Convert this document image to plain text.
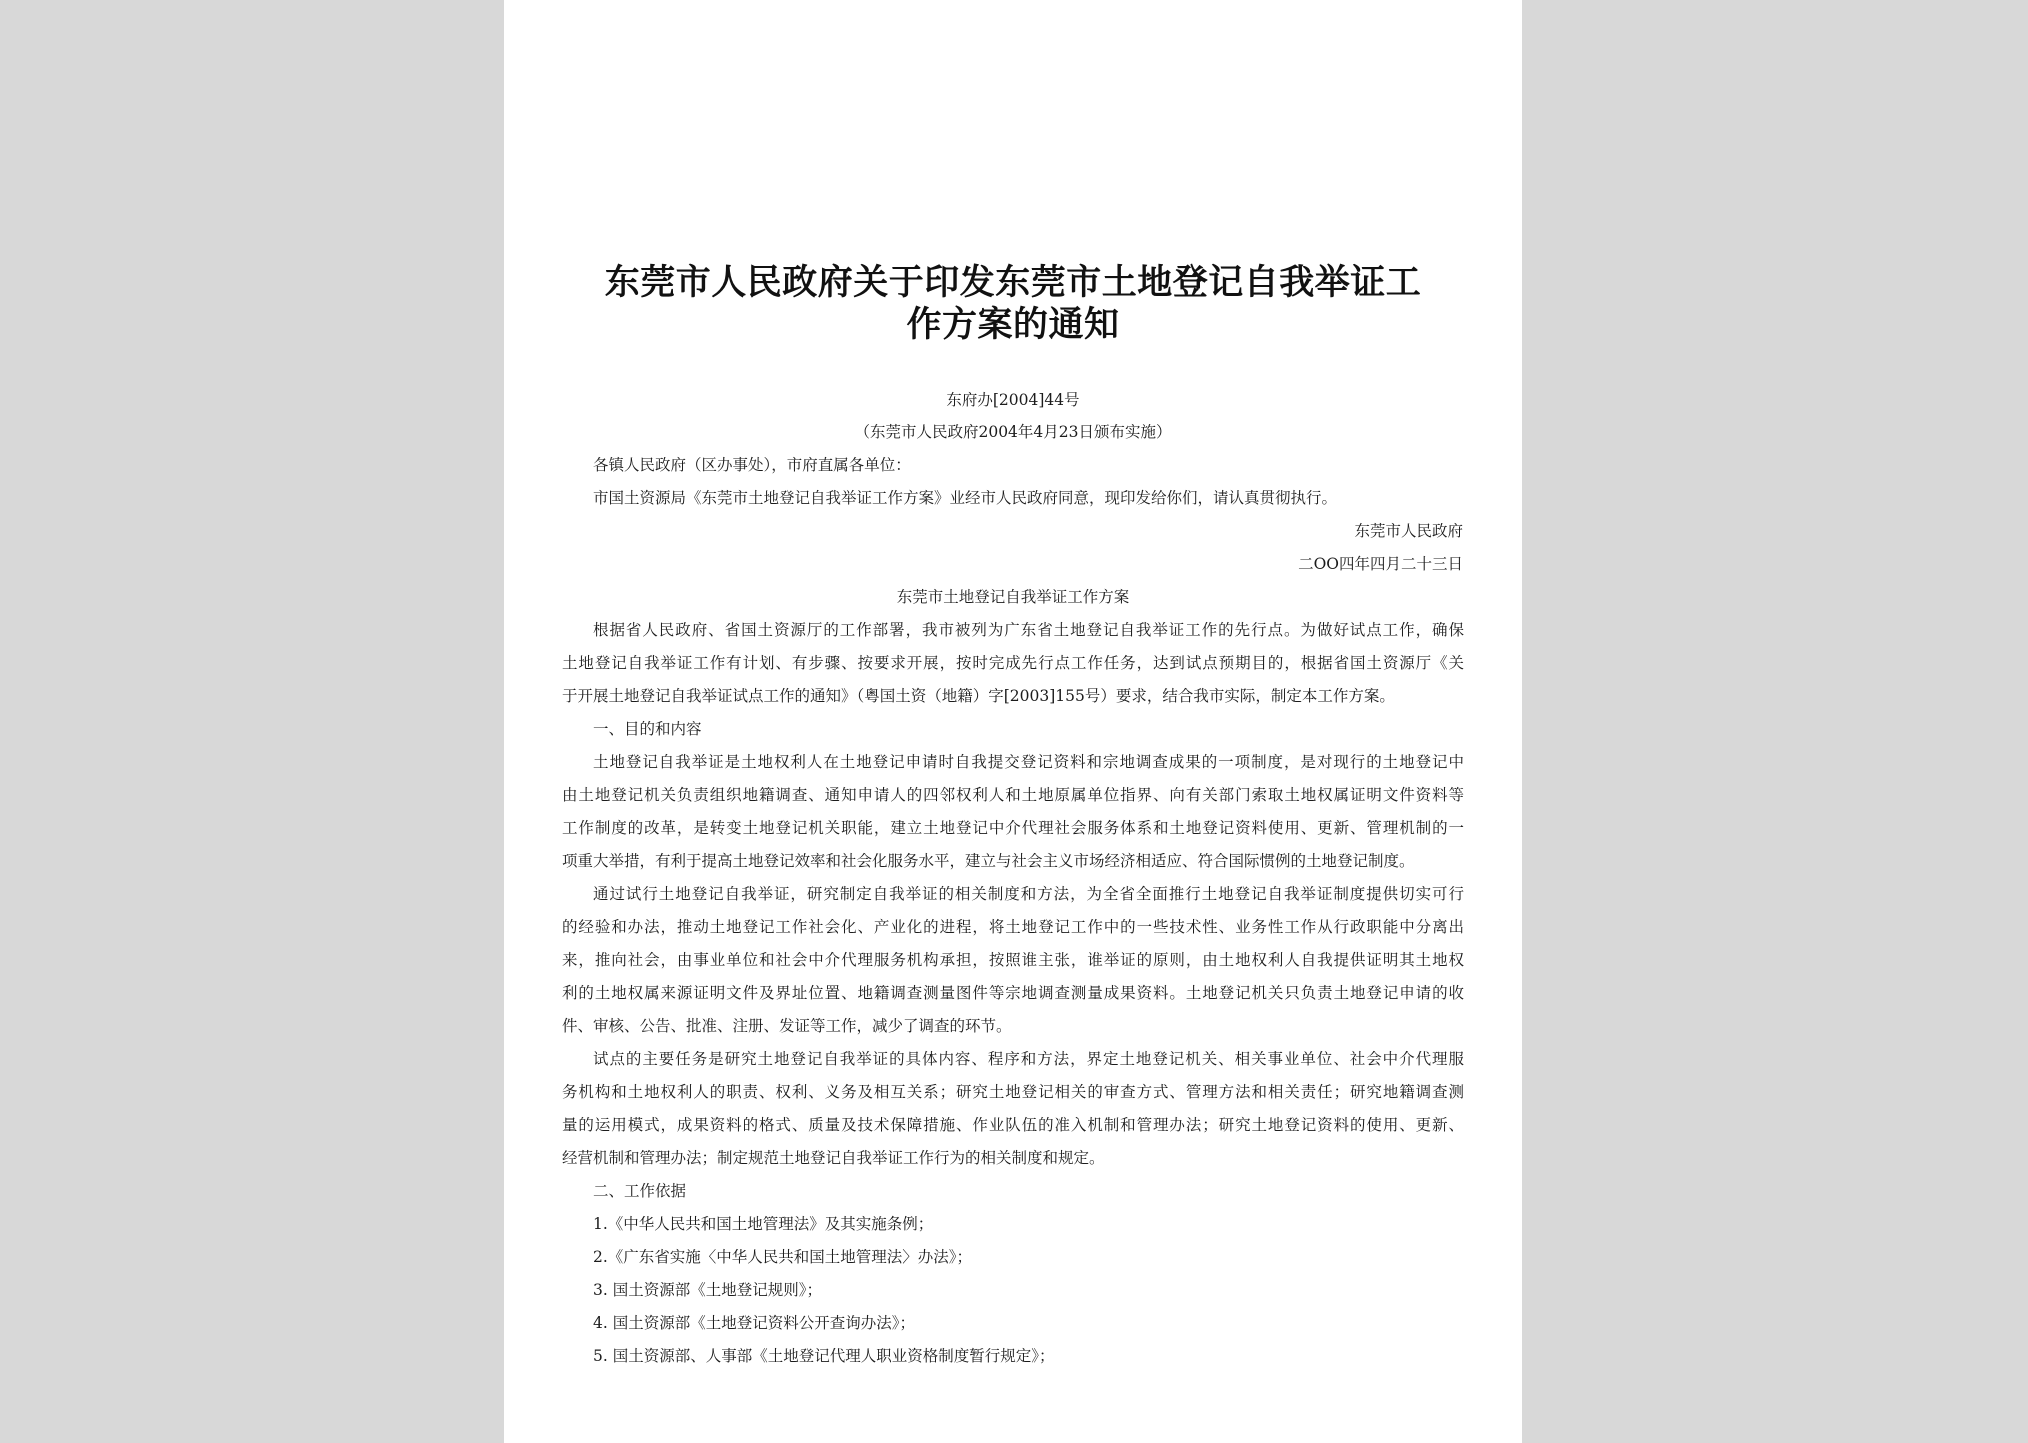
东莞市人民政府关于印发东莞市土地登记自我举证工
作方案的通知
东府办[2004]44号
（东莞市人民政府2004年4月23日颁布实施）
各镇人民政府（区办事处），市府直属各单位：
市国土资源局《东莞市土地登记自我举证工作方案》业经市人民政府同意，现印发给你们，请认真贯彻执行。
东莞市人民政府
二OO四年四月二十三日
东莞市土地登记自我举证工作方案
根据省人民政府、省国土资源厅的工作部署，我市被列为广东省土地登记自我举证工作的先行点。为做好试点工作，确保
土地登记自我举证工作有计划、有步骤、按要求开展，按时完成先行点工作任务，达到试点预期目的，根据省国土资源厅《关
于开展土地登记自我举证试点工作的通知》（粤国土资（地籍）字[2003]155号）要求，结合我市实际，制定本工作方案。
一、目的和内容
土地登记自我举证是土地权利人在土地登记申请时自我提交登记资料和宗地调查成果的一项制度，是对现行的土地登记中
由土地登记机关负责组织地籍调查、通知申请人的四邻权利人和土地原属单位指界、向有关部门索取土地权属证明文件资料等
工作制度的改革，是转变土地登记机关职能，建立土地登记中介代理社会服务体系和土地登记资料使用、更新、管理机制的一
项重大举措，有利于提高土地登记效率和社会化服务水平，建立与社会主义市场经济相适应、符合国际惯例的土地登记制度。
通过试行土地登记自我举证，研究制定自我举证的相关制度和方法，为全省全面推行土地登记自我举证制度提供切实可行
的经验和办法，推动土地登记工作社会化、产业化的进程，将土地登记工作中的一些技术性、业务性工作从行政职能中分离出
来，推向社会，由事业单位和社会中介代理服务机构承担，按照谁主张，谁举证的原则，由土地权利人自我提供证明其土地权
利的土地权属来源证明文件及界址位置、地籍调查测量图件等宗地调查测量成果资料。土地登记机关只负责土地登记申请的收
件、审核、公告、批准、注册、发证等工作，减少了调查的环节。
试点的主要任务是研究土地登记自我举证的具体内容、程序和方法，界定土地登记机关、相关事业单位、社会中介代理服
务机构和土地权利人的职责、权利、义务及相互关系；研究土地登记相关的审查方式、管理方法和相关责任；研究地籍调查测
量的运用模式，成果资料的格式、质量及技术保障措施、作业队伍的准入机制和管理办法；研究土地登记资料的使用、更新、
经营机制和管理办法；制定规范土地登记自我举证工作行为的相关制度和规定。
二、工作依据
1.《中华人民共和国土地管理法》及其实施条例；
2.《广东省实施〈中华人民共和国土地管理法〉办法》；
3. 国土资源部《土地登记规则》；
4. 国土资源部《土地登记资料公开查询办法》；
5. 国土资源部、人事部《土地登记代理人职业资格制度暂行规定》；
